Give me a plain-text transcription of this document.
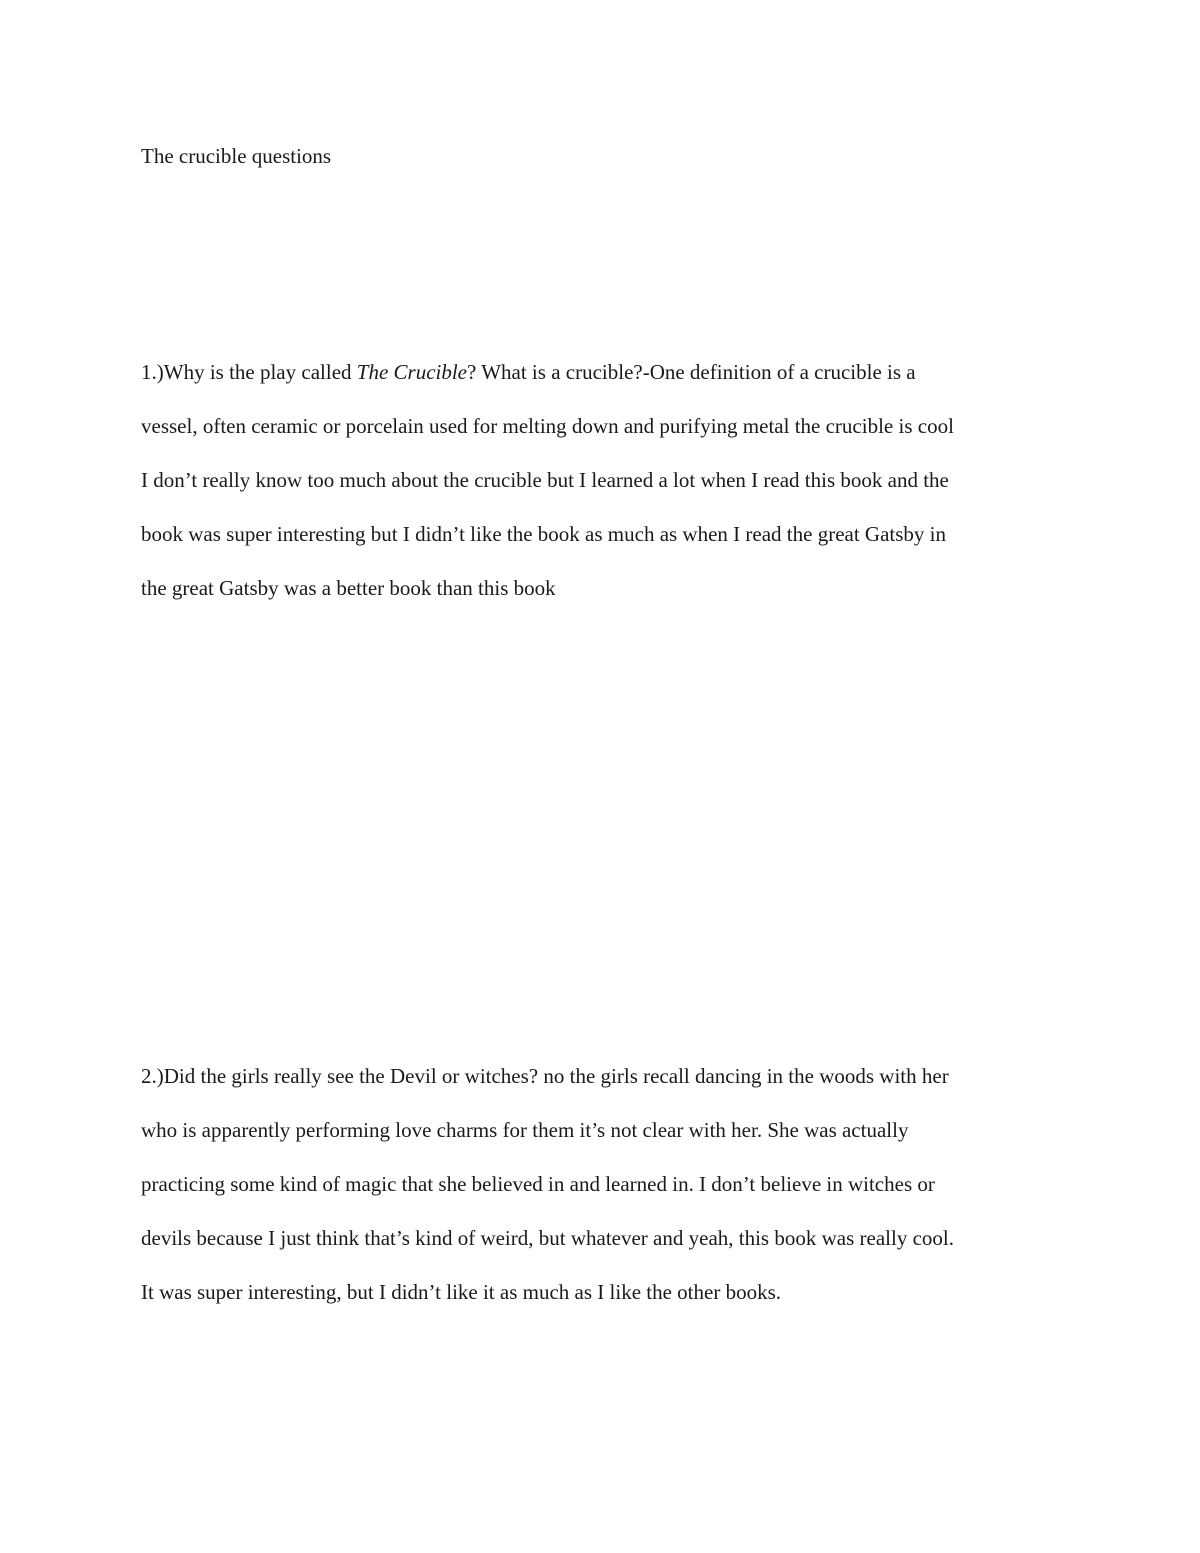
The crucible questions
1.)Why is the play called The Crucible? What is a crucible?-One definition of a crucible is a
vessel, often ceramic or porcelain used for melting down and purifying metal the crucible is cool
I don’t really know too much about the crucible but I learned a lot when I read this book and the
book was super interesting but I didn’t like the book as much as when I read the great Gatsby in
the great Gatsby was a better book than this book
2.)Did the girls really see the Devil or witches? no the girls recall dancing in the woods with her
who is apparently performing love charms for them it’s not clear with her. She was actually
practicing some kind of magic that she believed in and learned in. I don’t believe in witches or
devils because I just think that’s kind of weird, but whatever and yeah, this book was really cool.
It was super interesting, but I didn’t like it as much as I like the other books.
